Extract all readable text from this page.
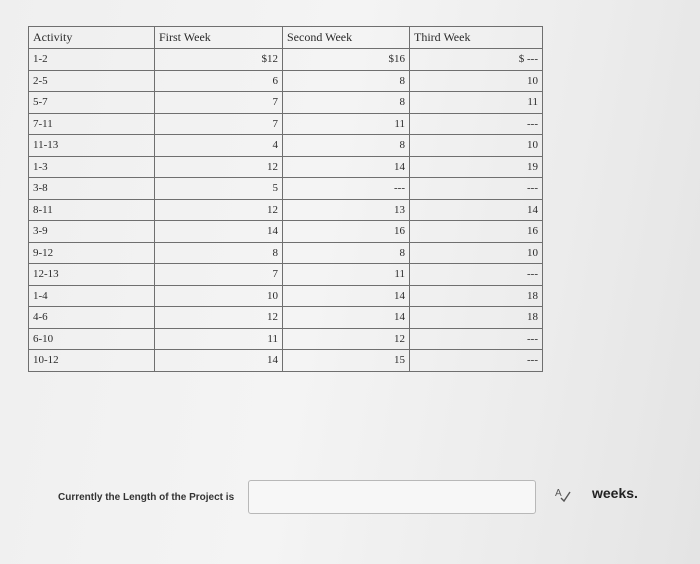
Activity	First Week	Second Week	Third Week
1-2	$12	$16	$ ---
2-5	6	8	10
5-7	7	8	11
7-11	7	11	---
11-13	4	8	10
1-3	12	14	19
3-8	5	---	---
8-11	12	13	14
3-9	14	16	16
9-12	8	8	10
12-13	7	11	---
1-4	10	14	18
4-6	12	14	18
6-10	11	12	---
10-12	14	15	---
Currently the Length of the Project is	A weeks.
